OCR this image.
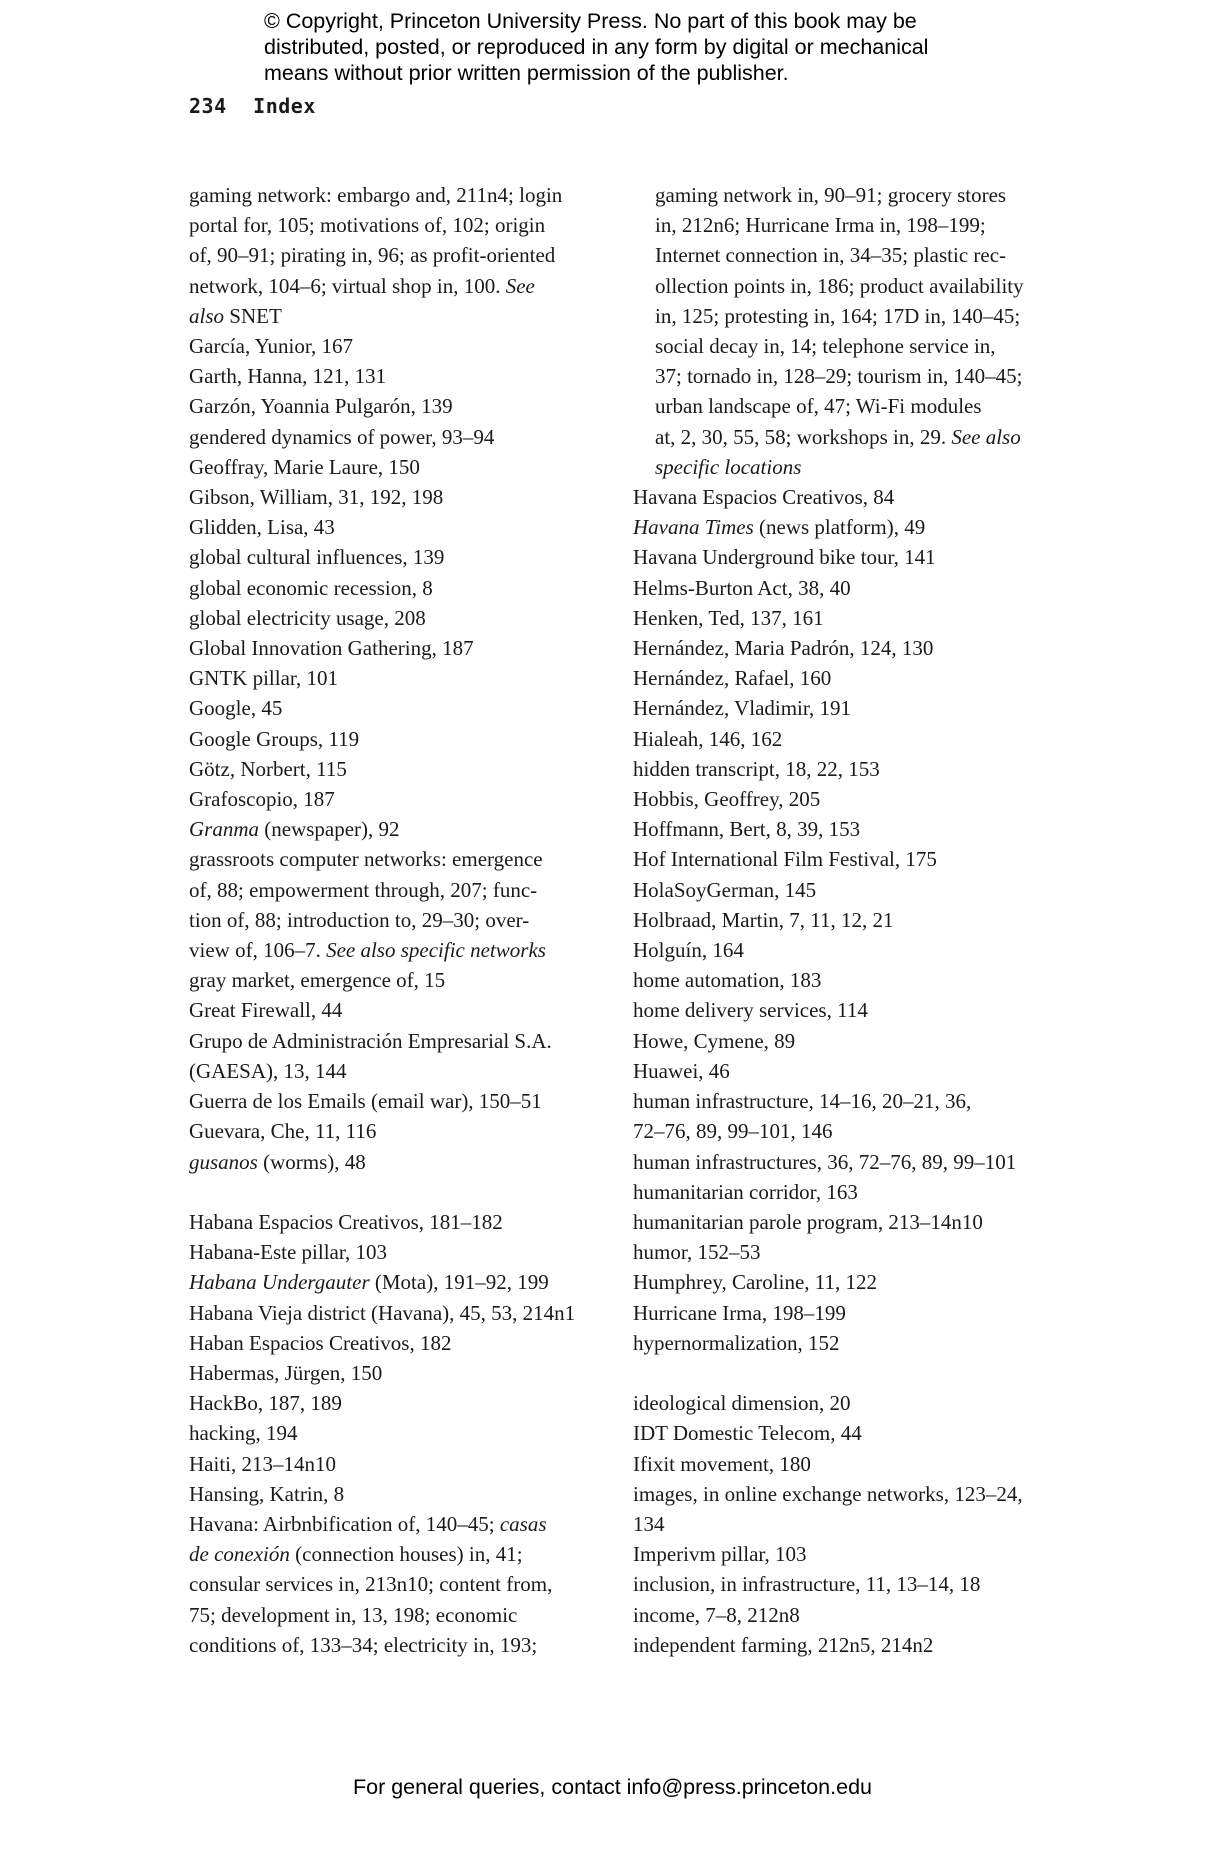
© Copyright, Princeton University Press. No part of this book may be
distributed, posted, or reproduced in any form by digital or mechanical
means without prior written permission of the publisher.
234 Index
gaming network: embargo and, 211n4; login
portal for, 105; motivations of, 102; origin
of, 90–91; pirating in, 96; as profit-oriented
network, 104–6; virtual shop in, 100. See
also SNET
García, Yunior, 167
Garth, Hanna, 121, 131
Garzón, Yoannia Pulgarón, 139
gendered dynamics of power, 93–94
Geoffray, Marie Laure, 150
Gibson, William, 31, 192, 198
Glidden, Lisa, 43
global cultural influences, 139
global economic recession, 8
global electricity usage, 208
Global Innovation Gathering, 187
GNTK pillar, 101
Google, 45
Google Groups, 119
Götz, Norbert, 115
Grafoscopio, 187
Granma (newspaper), 92
grassroots computer networks: emergence
of, 88; empowerment through, 207; func-
tion of, 88; introduction to, 29–30; over-
view of, 106–7. See also specific networks
gray market, emergence of, 15
Great Firewall, 44
Grupo de Administración Empresarial S.A.
(GAESA), 13, 144
Guerra de los Emails (email war), 150–51
Guevara, Che, 11, 116
gusanos (worms), 48
Habana Espacios Creativos, 181–182
Habana-Este pillar, 103
Habana Undergauter (Mota), 191–92, 199
Habana Vieja district (Havana), 45, 53, 214n1
Haban Espacios Creativos, 182
Habermas, Jürgen, 150
HackBo, 187, 189
hacking, 194
Haiti, 213–14n10
Hansing, Katrin, 8
Havana: Airbnbification of, 140–45; casas
de conexión (connection houses) in, 41;
consular services in, 213n10; content from,
75; development in, 13, 198; economic
conditions of, 133–34; electricity in, 193;
gaming network in, 90–91; grocery stores
in, 212n6; Hurricane Irma in, 198–199;
Internet connection in, 34–35; plastic rec-
ollection points in, 186; product availability
in, 125; protesting in, 164; 17D in, 140–45;
social decay in, 14; telephone service in,
37; tornado in, 128–29; tourism in, 140–45;
urban landscape of, 47; Wi-Fi modules
at, 2, 30, 55, 58; workshops in, 29. See also
specific locations
Havana Espacios Creativos, 84
Havana Times (news platform), 49
Havana Underground bike tour, 141
Helms-Burton Act, 38, 40
Henken, Ted, 137, 161
Hernández, Maria Padrón, 124, 130
Hernández, Rafael, 160
Hernández, Vladimir, 191
Hialeah, 146, 162
hidden transcript, 18, 22, 153
Hobbis, Geoffrey, 205
Hoffmann, Bert, 8, 39, 153
Hof International Film Festival, 175
HolaSoyGerman, 145
Holbraad, Martin, 7, 11, 12, 21
Holguín, 164
home automation, 183
home delivery services, 114
Howe, Cymene, 89
Huawei, 46
human infrastructure, 14–16, 20–21, 36,
72–76, 89, 99–101, 146
human infrastructures, 36, 72–76, 89, 99–101
humanitarian corridor, 163
humanitarian parole program, 213–14n10
humor, 152–53
Humphrey, Caroline, 11, 122
Hurricane Irma, 198–199
hypernormalization, 152
ideological dimension, 20
IDT Domestic Telecom, 44
Ifixit movement, 180
images, in online exchange networks, 123–24,
134
Imperivm pillar, 103
inclusion, in infrastructure, 11, 13–14, 18
income, 7–8, 212n8
independent farming, 212n5, 214n2
For general queries, contact info@press.princeton.edu
